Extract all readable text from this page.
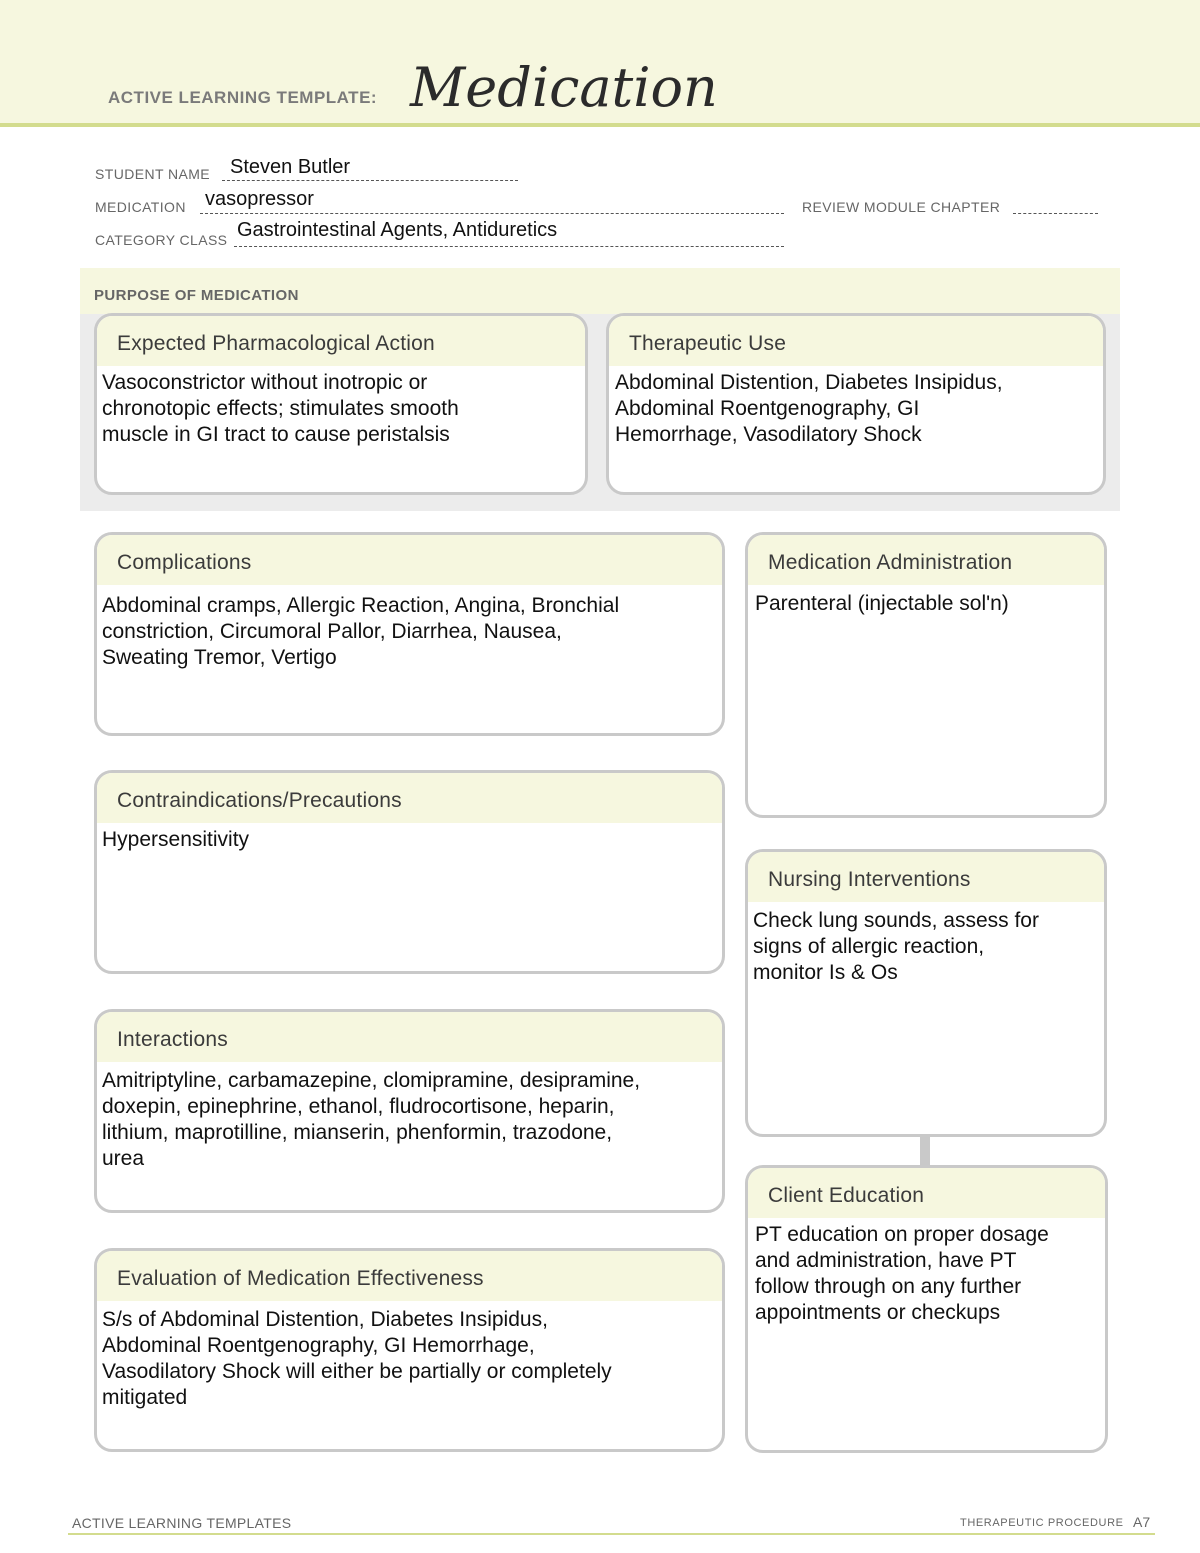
ACTIVE LEARNING TEMPLATE: Medication
STUDENT NAME Steven Butler
MEDICATION vasopressor	REVIEW MODULE CHAPTER
CATEGORY CLASS Gastrointestinal Agents, Antiduretics
PURPOSE OF MEDICATION
Expected Pharmacological Action
Vasoconstrictor without inotropic or
chronotopic effects; stimulates smooth
muscle in GI tract to cause peristalsis
Therapeutic Use
Abdominal Distention, Diabetes Insipidus,
Abdominal Roentgenography, GI
Hemorrhage, Vasodilatory Shock
Complications
Abdominal cramps, Allergic Reaction, Angina, Bronchial
constriction, Circumoral Pallor, Diarrhea, Nausea,
Sweating Tremor, Vertigo
Contraindications/Precautions
Hypersensitivity
Interactions
Amitriptyline, carbamazepine, clomipramine, desipramine,
doxepin, epinephrine, ethanol, fludrocortisone, heparin,
lithium, maprotilline, mianserin, phenformin, trazodone,
urea
Evaluation of Medication Effectiveness
S/s of Abdominal Distention, Diabetes Insipidus,
Abdominal Roentgenography, GI Hemorrhage,
Vasodilatory Shock will either be partially or completely
mitigated
Medication Administration
Parenteral (injectable sol'n)
Nursing Interventions
Check lung sounds, assess for
signs of allergic reaction,
monitor Is & Os
Client Education
PT education on proper dosage
and administration, have PT
follow through on any further
appointments or checkups
ACTIVE LEARNING TEMPLATES	THERAPEUTIC PROCEDURE A7
